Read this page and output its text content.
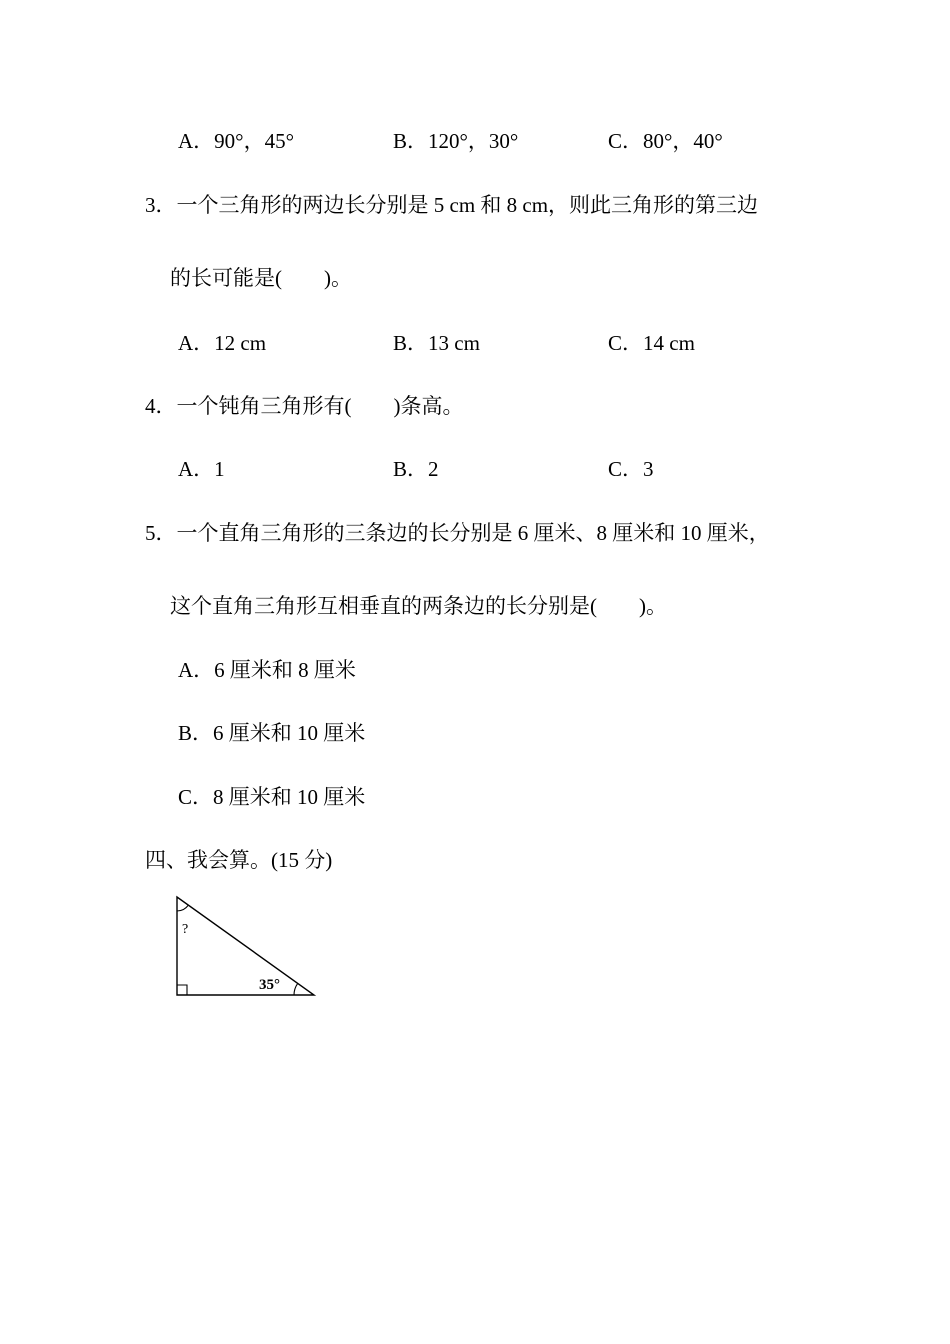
A．90°，45°	B．120°，30°	C．80°，40°
3．一个三角形的两边长分别是 5 cm 和 8 cm，则此三角形的第三边
的长可能是(　　)。
A．12 cm	B．13 cm	C．14 cm
4．一个钝角三角形有(　　)条高。
A．1	B．2	C．3
5．一个直角三角形的三条边的长分别是 6 厘米、8 厘米和 10 厘米，
这个直角三角形互相垂直的两条边的长分别是(　　)。
A．6 厘米和 8 厘米
B．6 厘米和 10 厘米
C．8 厘米和 10 厘米
四、我会算。(15 分)
?
35°
